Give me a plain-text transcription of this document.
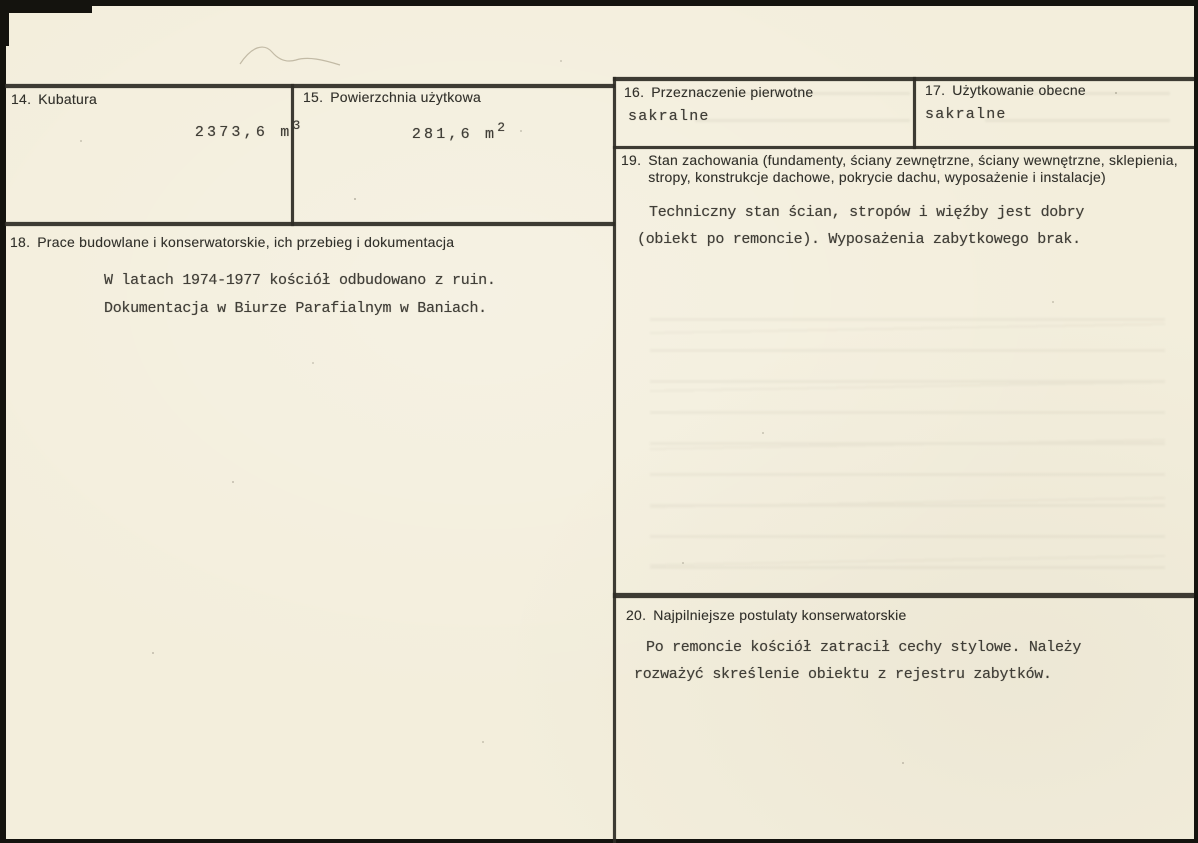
14. Kubatura

2373,6 m3

15. Powierzchnia użytkowa

281,6 m2

16. Przeznaczenie pierwotne
sakralne
17. Użytkowanie obecne
sakralne
18. Prace budowlane i konserwatorskie, ich przebieg i dokumentacja
W latach 1974-1977 kościół odbudowano z ruin.
Dokumentacja w Biurze Parafialnym w Baniach.
19. Stan zachowania (fundamenty, ściany zewnętrzne, ściany wewnętrzne, sklepienia,
stropy, konstrukcje dachowe, pokrycie dachu, wyposażenie i instalacje)
Techniczny stan ścian, stropów i więźby jest dobry
(obiekt po remoncie). Wyposażenia zabytkowego brak.
20. Najpilniejsze postulaty konserwatorskie
Po remoncie kościół zatracił cechy stylowe. Należy
rozważyć skreślenie obiektu z rejestru zabytków.
